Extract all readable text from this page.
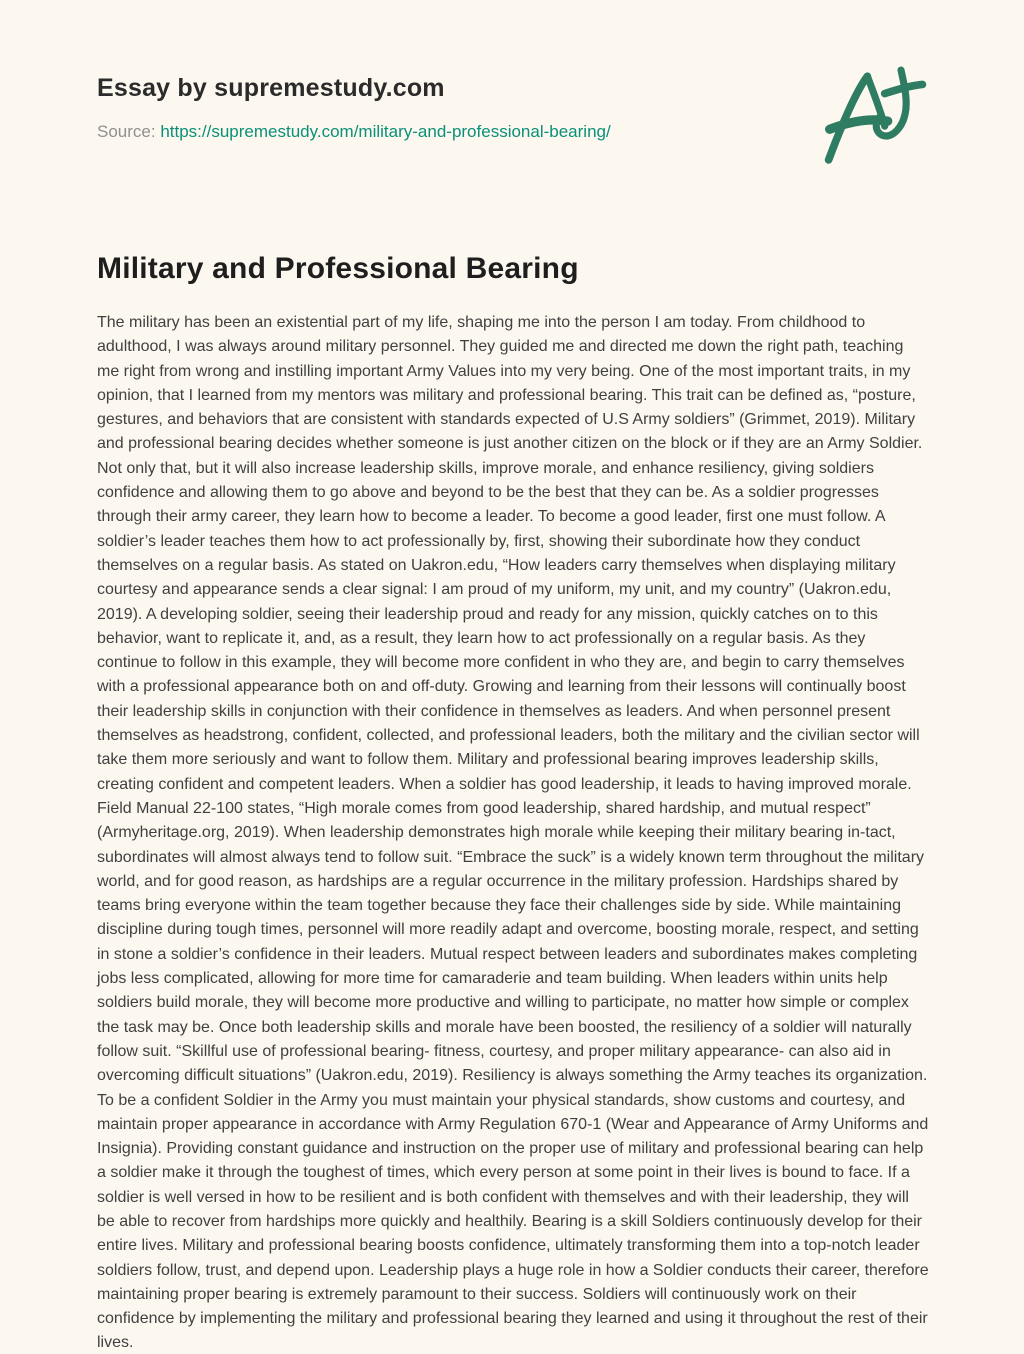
Essay by supremestudy.com
Source: https://supremestudy.com/military-and-professional-bearing/
Military and Professional Bearing
The military has been an existential part of my life, shaping me into the person I am today. From childhood to adulthood, I was always around military personnel. They guided me and directed me down the right path, teaching me right from wrong and instilling important Army Values into my very being. One of the most important traits, in my opinion, that I learned from my mentors was military and professional bearing. This trait can be defined as, “posture, gestures, and behaviors that are consistent with standards expected of U.S Army soldiers” (Grimmet, 2019). Military and professional bearing decides whether someone is just another citizen on the block or if they are an Army Soldier. Not only that, but it will also increase leadership skills, improve morale, and enhance resiliency, giving soldiers confidence and allowing them to go above and beyond to be the best that they can be. As a soldier progresses through their army career, they learn how to become a leader. To become a good leader, first one must follow. A soldier’s leader teaches them how to act professionally by, first, showing their subordinate how they conduct themselves on a regular basis. As stated on Uakron.edu, “How leaders carry themselves when displaying military courtesy and appearance sends a clear signal: I am proud of my uniform, my unit, and my country” (Uakron.edu, 2019). A developing soldier, seeing their leadership proud and ready for any mission, quickly catches on to this behavior, want to replicate it, and, as a result, they learn how to act professionally on a regular basis. As they continue to follow in this example, they will become more confident in who they are, and begin to carry themselves with a professional appearance both on and off-duty. Growing and learning from their lessons will continually boost their leadership skills in conjunction with their confidence in themselves as leaders. And when personnel present themselves as headstrong, confident, collected, and professional leaders, both the military and the civilian sector will take them more seriously and want to follow them. Military and professional bearing improves leadership skills, creating confident and competent leaders. When a soldier has good leadership, it leads to having improved morale. Field Manual 22-100 states, “High morale comes from good leadership, shared hardship, and mutual respect” (Armyheritage.org, 2019). When leadership demonstrates high morale while keeping their military bearing in-tact, subordinates will almost always tend to follow suit. “Embrace the suck” is a widely known term throughout the military world, and for good reason, as hardships are a regular occurrence in the military profession. Hardships shared by teams bring everyone within the team together because they face their challenges side by side. While maintaining discipline during tough times, personnel will more readily adapt and overcome, boosting morale, respect, and setting in stone a soldier’s confidence in their leaders. Mutual respect between leaders and subordinates makes completing jobs less complicated, allowing for more time for camaraderie and team building. When leaders within units help soldiers build morale, they will become more productive and willing to participate, no matter how simple or complex the task may be. Once both leadership skills and morale have been boosted, the resiliency of a soldier will naturally follow suit. “Skillful use of professional bearing- fitness, courtesy, and proper military appearance- can also aid in overcoming difficult situations” (Uakron.edu, 2019). Resiliency is always something the Army teaches its organization. To be a confident Soldier in the Army you must maintain your physical standards, show customs and courtesy, and maintain proper appearance in accordance with Army Regulation 670-1 (Wear and Appearance of Army Uniforms and Insignia). Providing constant guidance and instruction on the proper use of military and professional bearing can help a soldier make it through the toughest of times, which every person at some point in their lives is bound to face. If a soldier is well versed in how to be resilient and is both confident with themselves and with their leadership, they will be able to recover from hardships more quickly and healthily. Bearing is a skill Soldiers continuously develop for their entire lives. Military and professional bearing boosts confidence, ultimately transforming them into a top-notch leader soldiers follow, trust, and depend upon. Leadership plays a huge role in how a Soldier conducts their career, therefore maintaining proper bearing is extremely paramount to their success. Soldiers will continuously work on their confidence by implementing the military and professional bearing they learned and using it throughout the rest of their lives.
